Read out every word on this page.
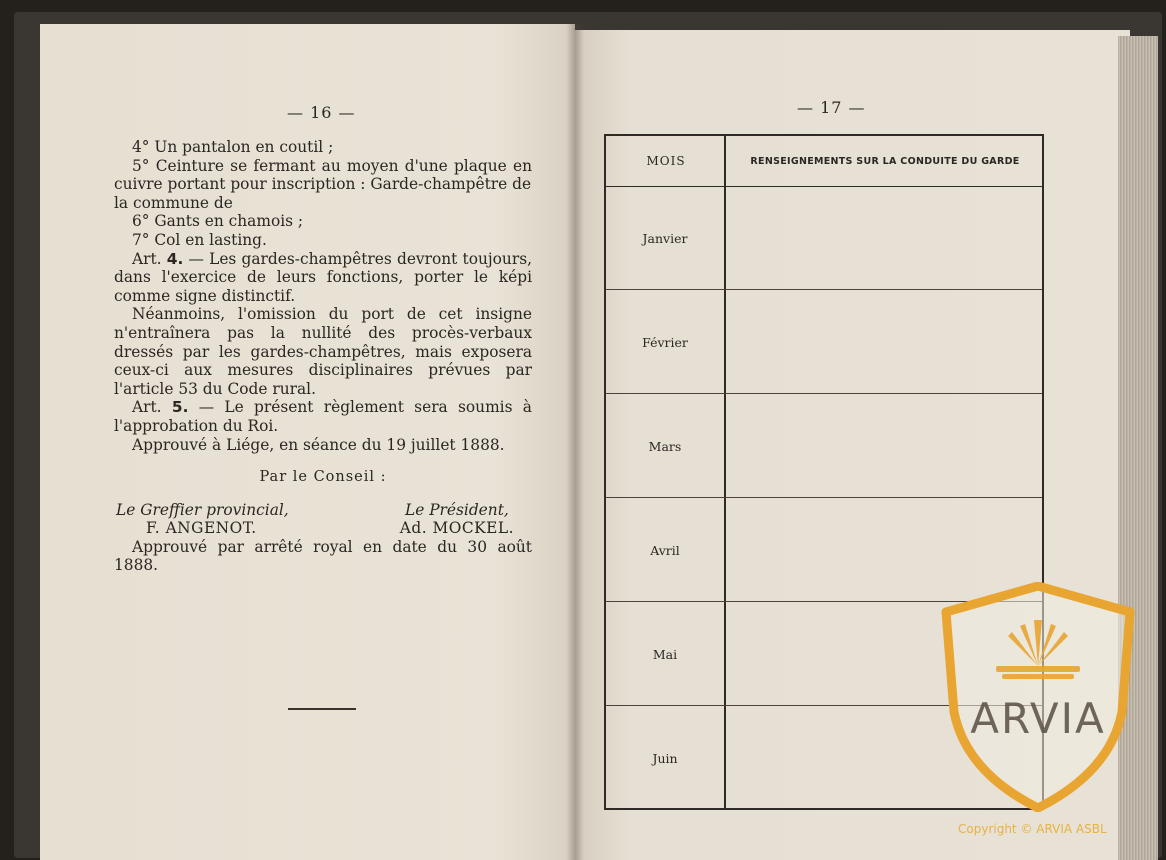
— 16 —	— 17 —

4° Un pantalon en coutil ;

5° Ceinture se fermant au moyen d'une plaque en cuivre portant pour inscription : Garde-champêtre de

la commune de

6° Gants en chamois ;

7° Col en lasting.

Art. 4. — Les gardes-champêtres devront toujours, dans l'exercice de leurs fonctions, porter le képi comme signe distinctif.

Néanmoins, l'omission du port de cet insigne n'entraînera pas la nullité des procès-verbaux dressés par les gardes-champêtres, mais exposera ceux-ci aux mesures disciplinaires prévues par l'article 53 du Code rural.

Art. 5. — Le présent règlement sera soumis à l'approbation du Roi.

Approuvé à Liége, en séance du 19 juillet 1888.

Par le Conseil :
Le Greffier provincial,
F. ANGENOT.
Le Président,
Ad. MOCKEL.

Approuvé par arrêté royal en date du 30 août 1888.

MOIS	RENSEIGNEMENTS SUR LA CONDUITE DU GARDE
Janvier
Février
Mars
Avril
Mai
Juin
ARVIA
Copyright © ARVIA ASBL
